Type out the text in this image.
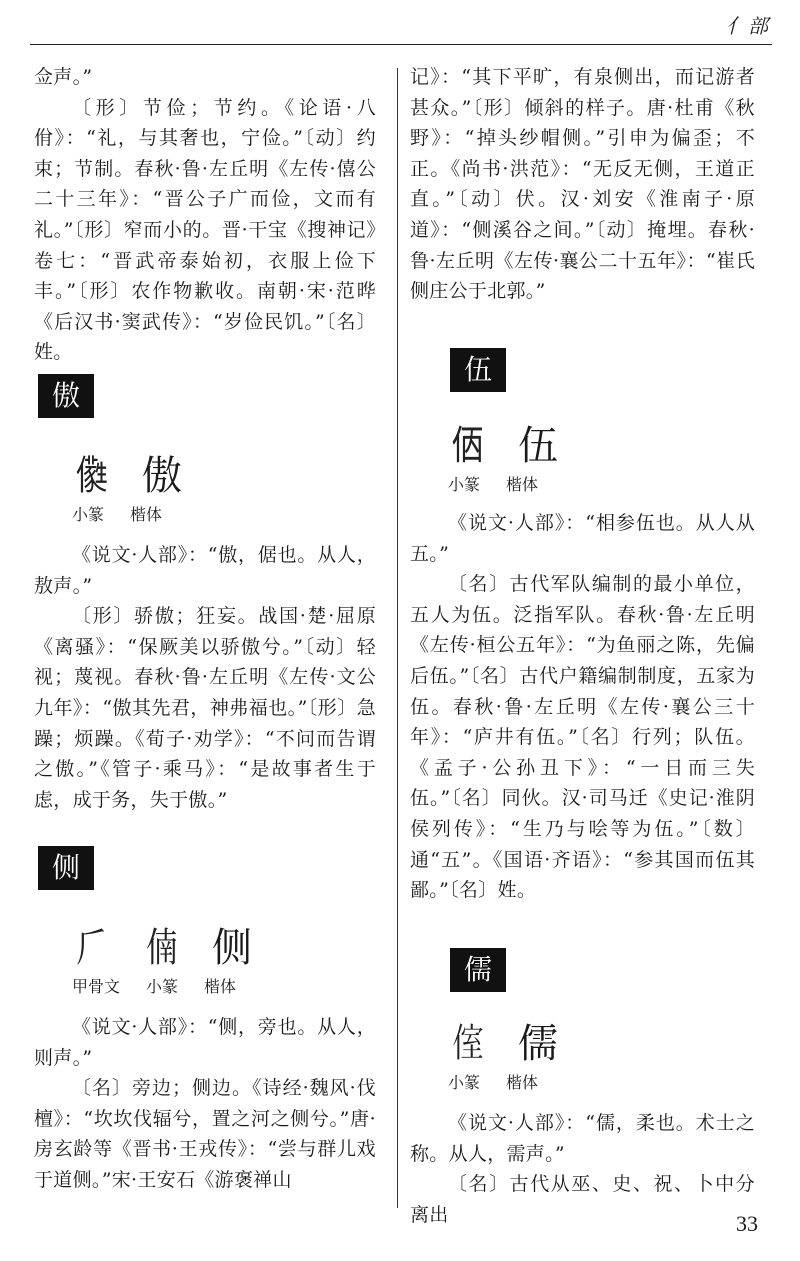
亻部

佥声。”

〔形〕节俭；节约。《论语·八佾》：“礼，与其奢也，宁俭。”〔动〕约束；节制。春秋·鲁·左丘明《左传·僖公二十三年》：“晋公子广而俭，文而有礼。”〔形〕窄而小的。晋·干宝《搜神记》卷七：“晋武帝泰始初，衣服上俭下丰。”〔形〕农作物歉收。南朝·宋·范晔《后汉书·窦武传》：“岁俭民饥。”〔名〕姓。

傲
𠐭 傲
小篆 楷体

《说文·人部》：“傲，倨也。从人，敖声。”

〔形〕骄傲；狂妄。战国·楚·屈原《离骚》：“保厥美以骄傲兮。”〔动〕轻视；蔑视。春秋·鲁·左丘明《左传·文公九年》：“傲其先君，神弗福也。”〔形〕急躁；烦躁。《荀子·劝学》：“不问而告谓之傲。”《管子·乘马》：“是故事者生于虑，成于务，失于傲。”

侧
𠂆 㑲 侧
甲骨文 小篆 楷体

《说文·人部》：“侧，旁也。从人，则声。”

〔名〕旁边；侧边。《诗经·魏风·伐檀》：“坎坎伐辐兮，置之河之侧兮。”唐·房玄龄等《晋书·王戎传》：“尝与群儿戏于道侧。”宋·王安石《游褒禅山

记》：“其下平旷，有泉侧出，而记游者甚众。”〔形〕倾斜的样子。唐·杜甫《秋野》：“掉头纱帽侧。”引申为偏歪；不正。《尚书·洪范》：“无反无侧，王道正直。”〔动〕伏。汉·刘安《淮南子·原道》：“侧溪谷之间。”〔动〕掩埋。春秋·鲁·左丘明《左传·襄公二十五年》：“崔氏侧庄公于北郭。”

伍
𠈇 伍
小篆 楷体

《说文·人部》：“相参伍也。从人从五。”

〔名〕古代军队编制的最小单位，五人为伍。泛指军队。春秋·鲁·左丘明《左传·桓公五年》：“为鱼丽之陈，先偏后伍。”〔名〕古代户籍编制制度，五家为伍。春秋·鲁·左丘明《左传·襄公三十年》：“庐井有伍。”〔名〕行列；队伍。《孟子·公孙丑下》：“一日而三失伍。”〔名〕同伙。汉·司马迁《史记·淮阴侯列传》：“生乃与哙等为伍。”〔数〕通“五”。《国语·齐语》：“参其国而伍其鄙。”〔名〕姓。

儒
𠋤 儒
小篆 楷体

《说文·人部》：“儒，柔也。术士之称。从人，需声。”

〔名〕古代从巫、史、祝、卜中分离出	33
